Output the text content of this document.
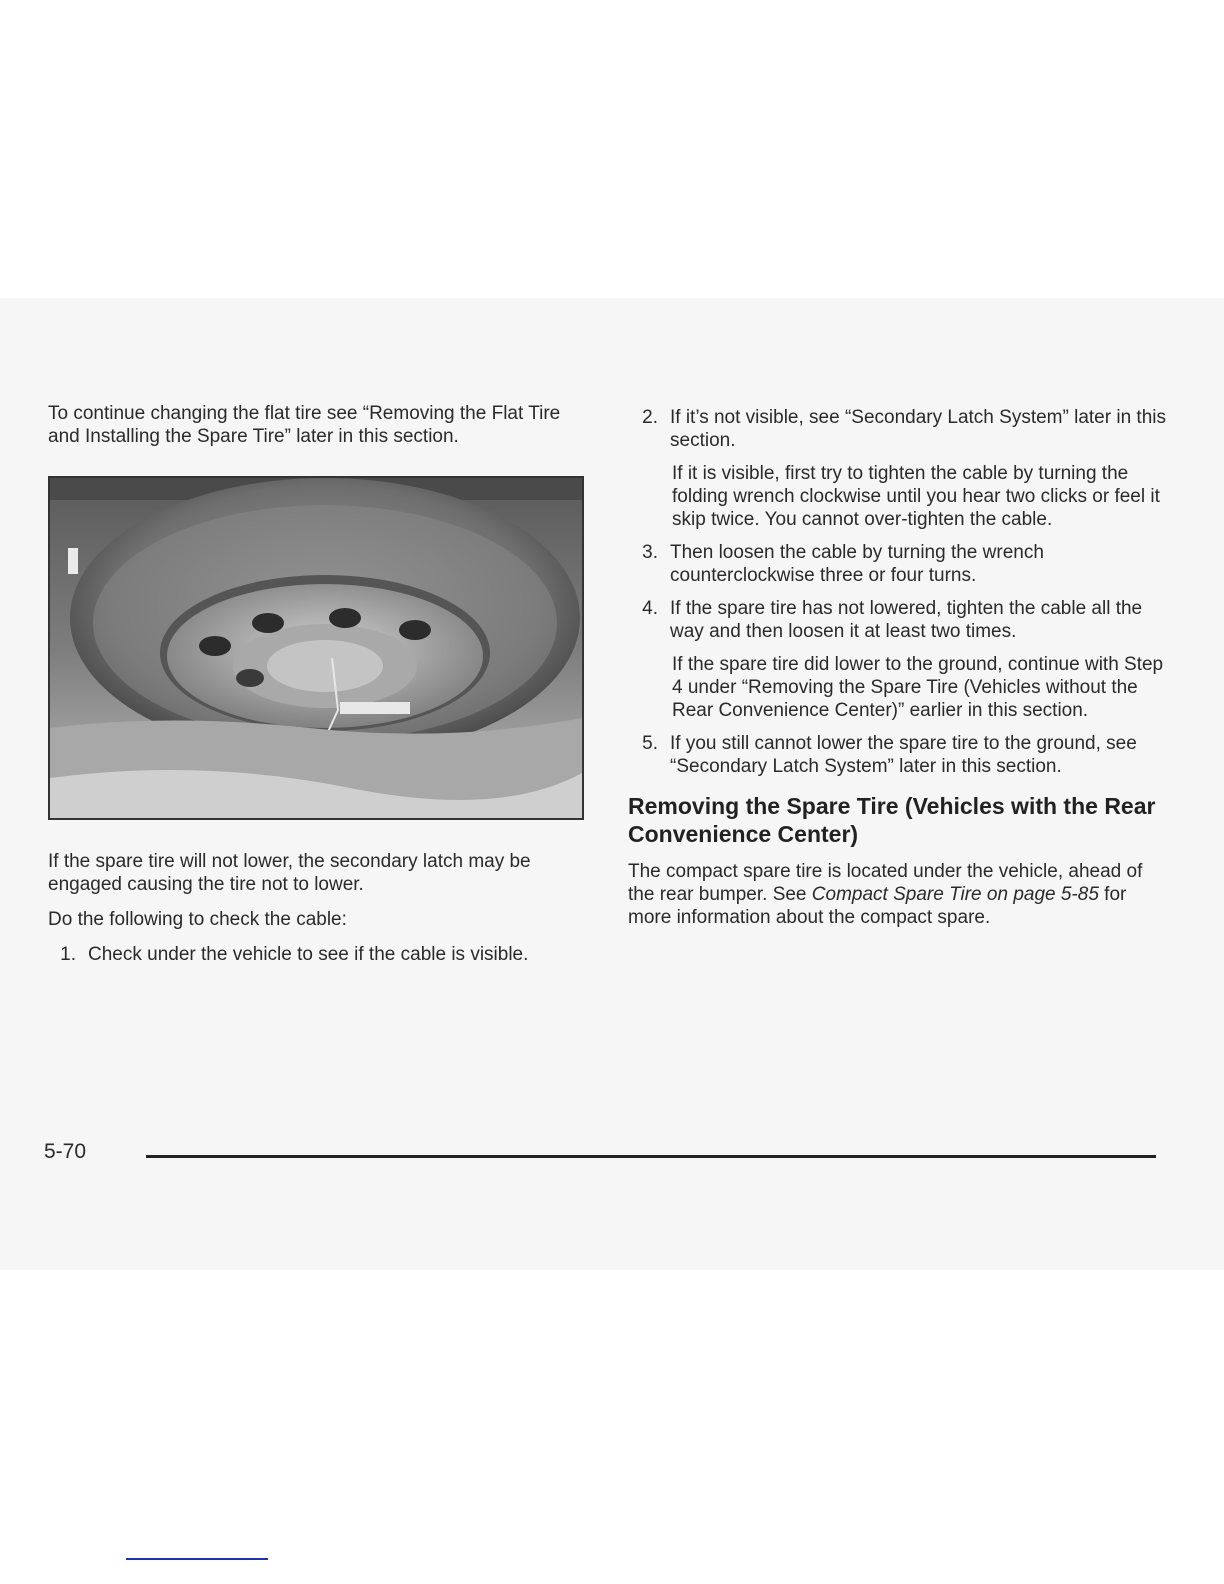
To continue changing the flat tire see “Removing the Flat Tire and Installing the Spare Tire” later in this section.

If the spare tire will not lower, the secondary latch may be engaged causing the tire not to lower.

Do the following to check the cable:

1. Check under the vehicle to see if the cable is visible.

2. If it’s not visible, see “Secondary Latch System” later in this section.

If it is visible, first try to tighten the cable by turning the folding wrench clockwise until you hear two clicks or feel it skip twice. You cannot over-tighten the cable.

3. Then loosen the cable by turning the wrench counterclockwise three or four turns.

4. If the spare tire has not lowered, tighten the cable all the way and then loosen it at least two times.

If the spare tire did lower to the ground, continue with Step 4 under “Removing the Spare Tire (Vehicles without the Rear Convenience Center)” earlier in this section.

5. If you still cannot lower the spare tire to the ground, see “Secondary Latch System” later in this section.

Removing the Spare Tire (Vehicles with the Rear Convenience Center)

The compact spare tire is located under the vehicle, ahead of the rear bumper. See Compact Spare Tire on page 5-85 for more information about the compact spare.

5-70
